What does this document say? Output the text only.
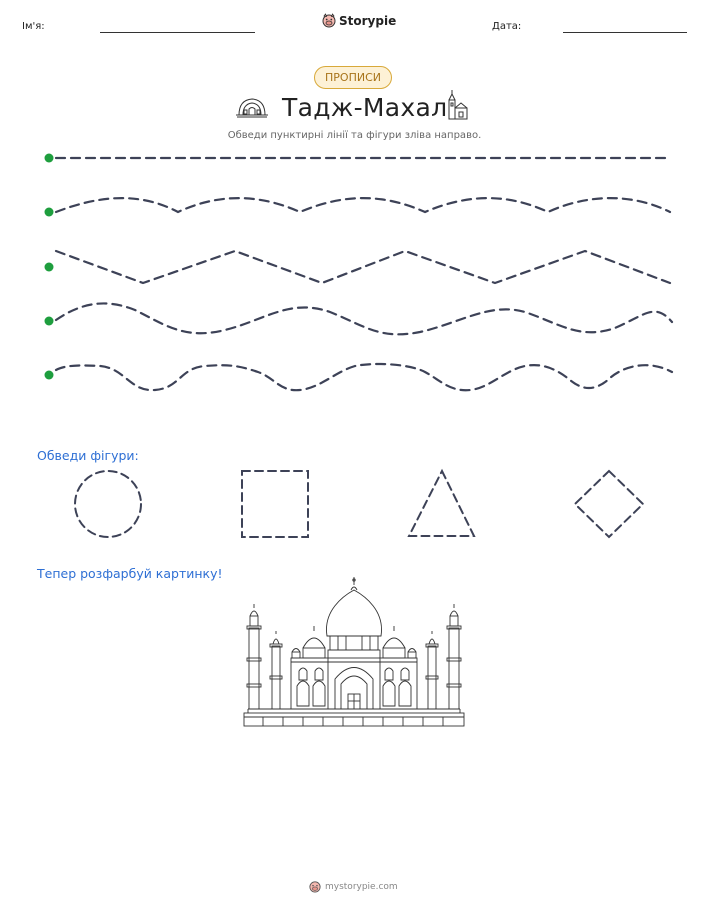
Ім'я:	Storypie	Дата:
ПРОПИСИ
Тадж-Махал
Обведи пунктирні лінії та фігури зліва направо.
Обведи фігури:
Тепер розфарбуй картинку!
mystorypie.com
